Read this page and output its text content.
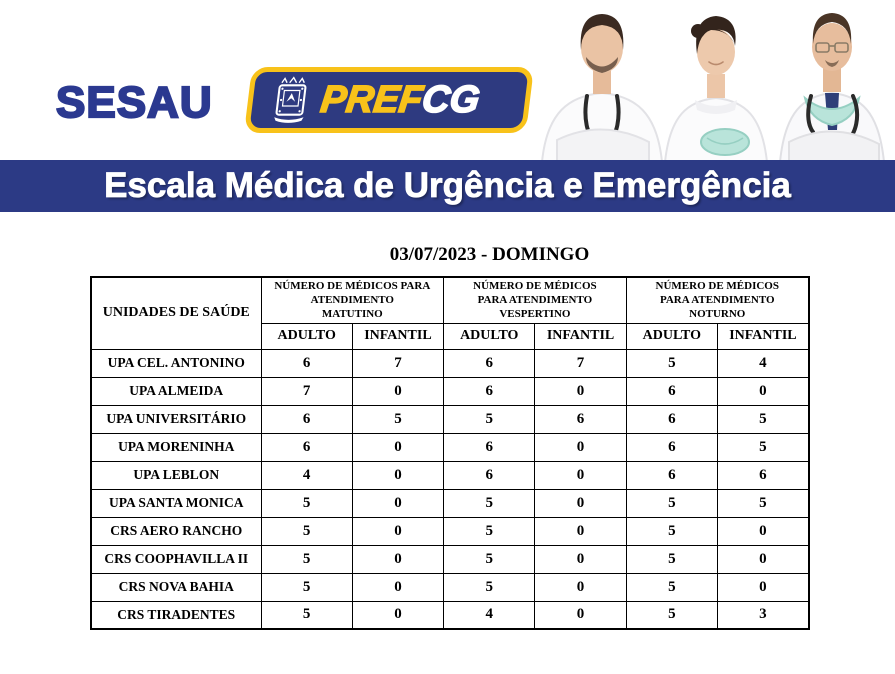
SESAU	PREFCG
Escala Médica de Urgência e Emergência
03/07/2023 - DOMINGO
UNIDADES DE SAÚDE	
NÚMERO DE MÉDICOS PARA
ATENDIMENTO
MATUTINO

NÚMERO DE MÉDICOS
PARA ATENDIMENTO
VESPERTINO

NÚMERO DE MÉDICOS
PARA ATENDIMENTO
NOTURNO

	ADULTO	INFANTIL	ADULTO	INFANTIL	ADULTO	INFANTIL
UPA CEL. ANTONINO	6	7	6	7	5	4
UPA ALMEIDA	7	0	6	0	6	0
UPA UNIVERSITÁRIO	6	5	5	6	6	5
UPA MORENINHA	6	0	6	0	6	5
UPA LEBLON	4	0	6	0	6	6
UPA SANTA MONICA	5	0	5	0	5	5
CRS AERO RANCHO	5	0	5	0	5	0
CRS COOPHAVILLA II	5	0	5	0	5	0
CRS NOVA BAHIA	5	0	5	0	5	0
CRS TIRADENTES	5	0	4	0	5	3
